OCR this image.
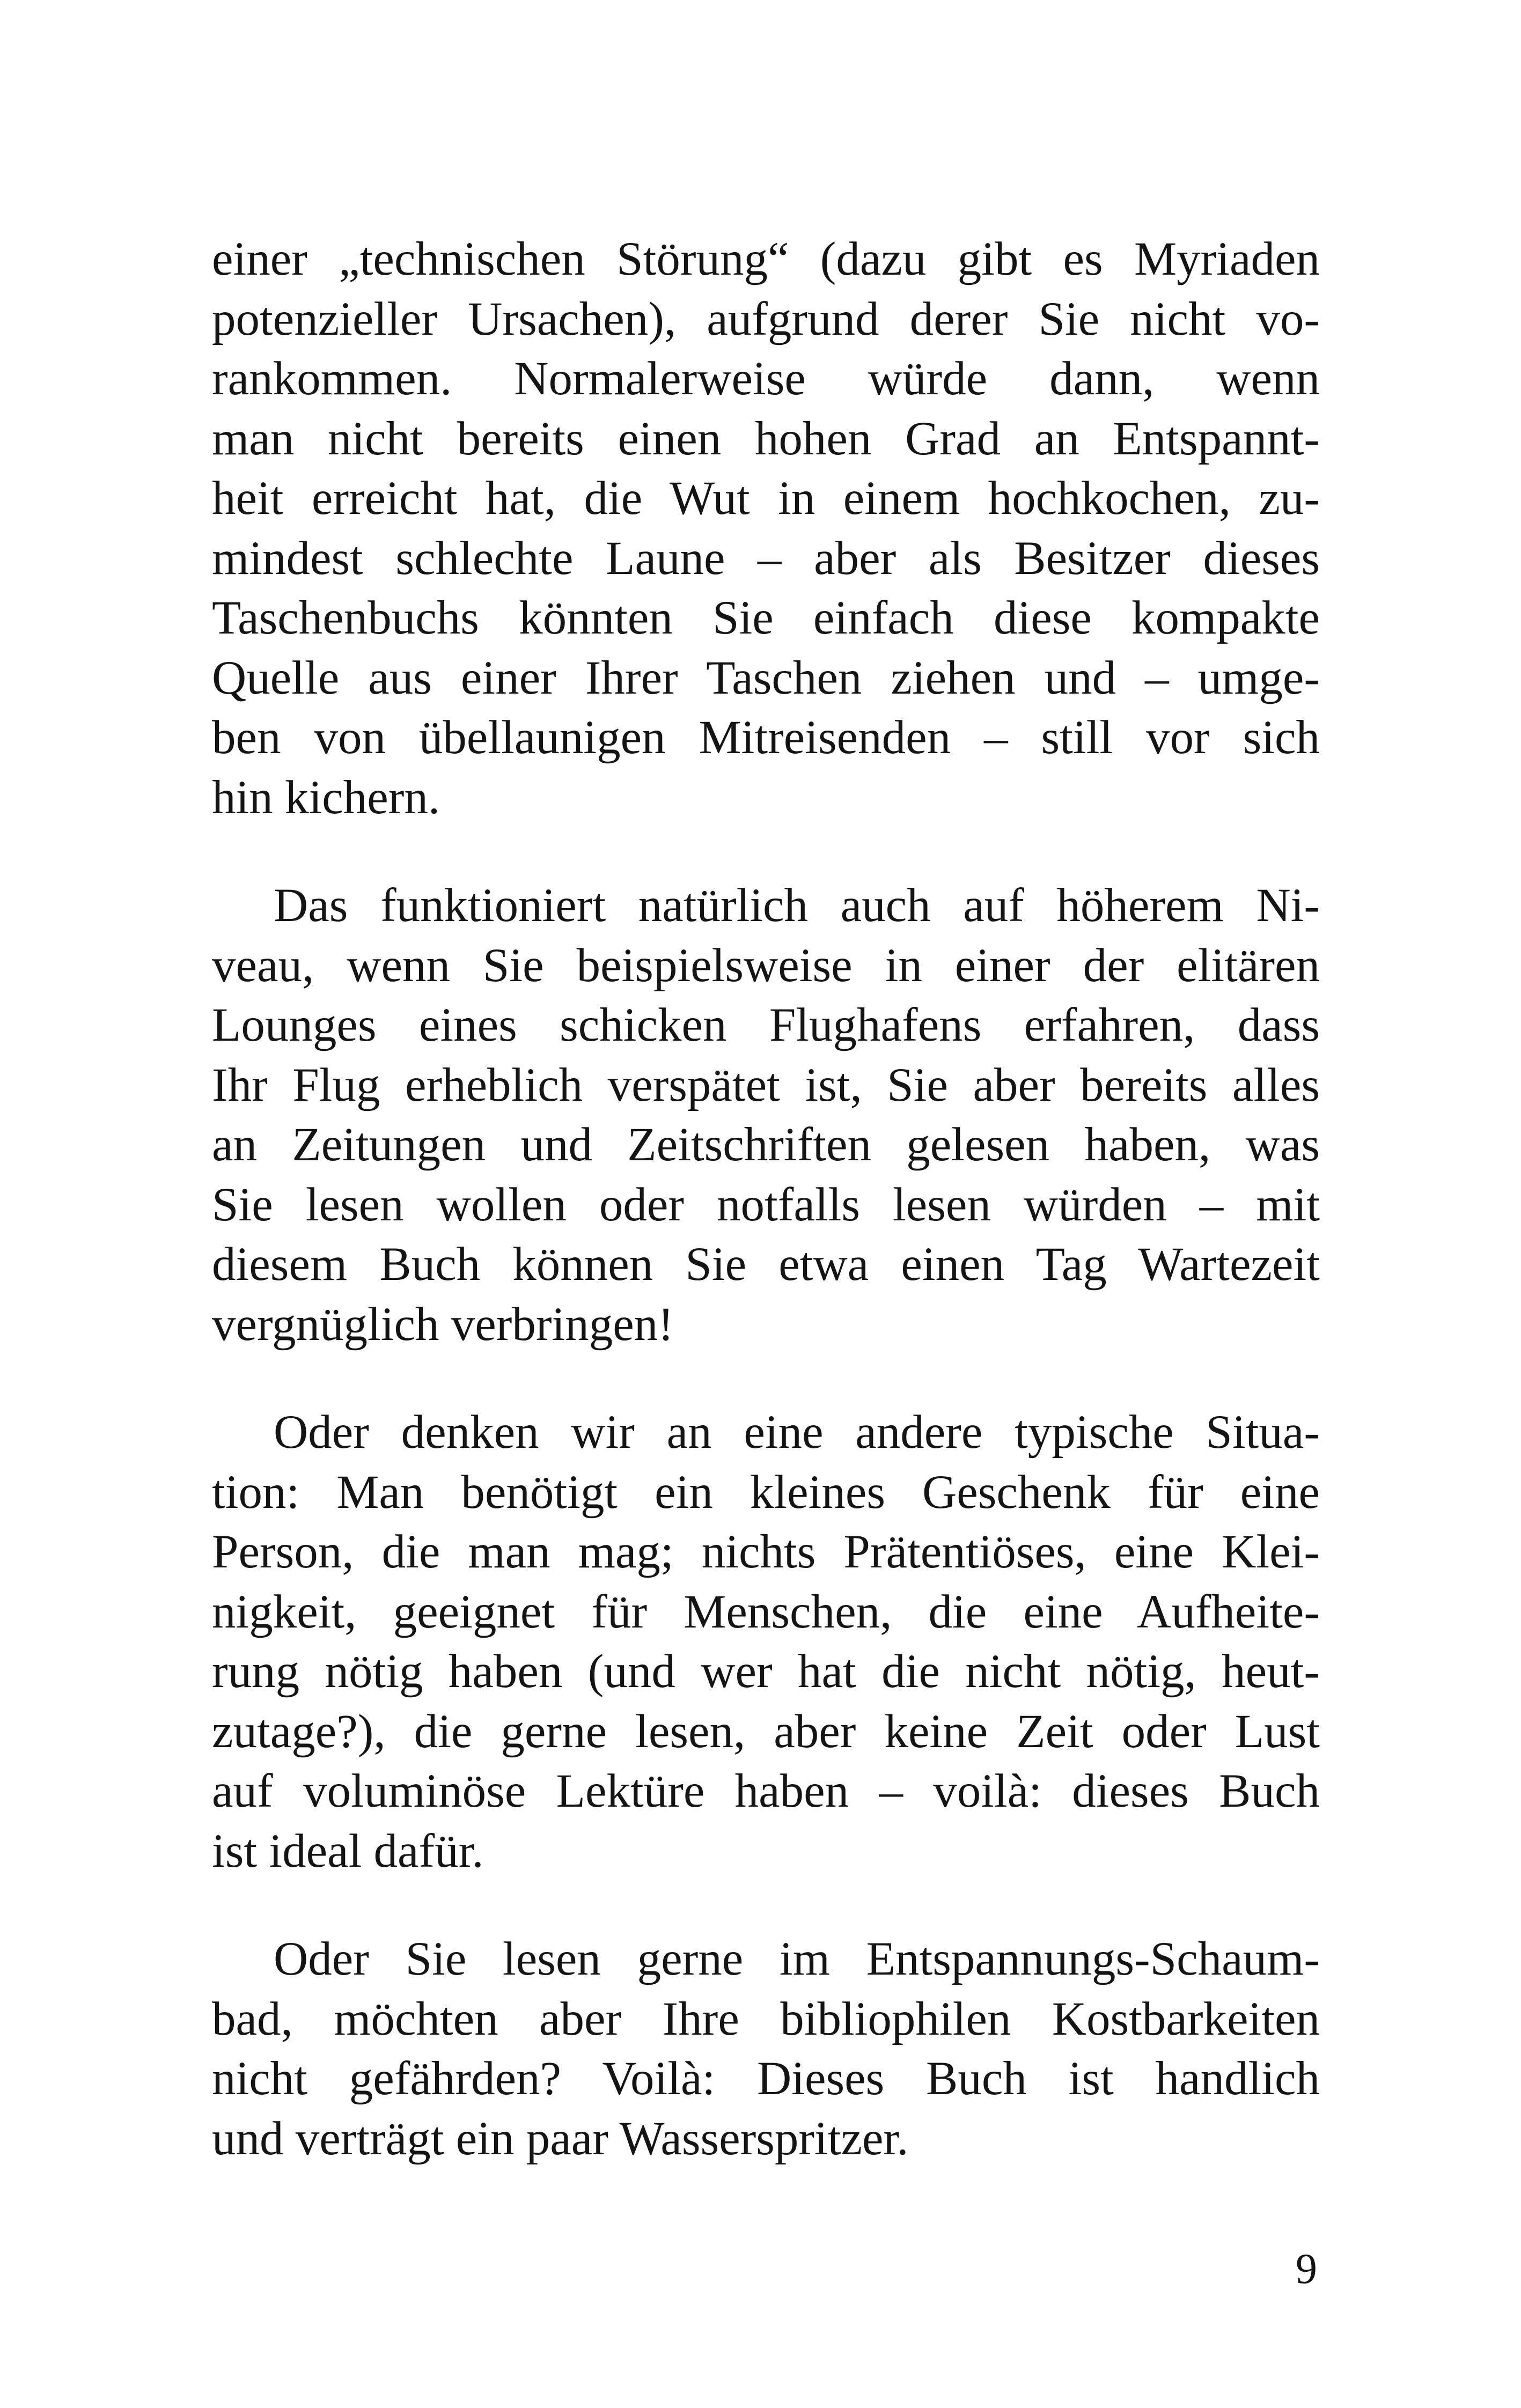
einer „technischen Störung“ (dazu gibt es Myriaden
potenzieller Ursachen), aufgrund derer Sie nicht vo-
rankommen. Normalerweise würde dann, wenn
man nicht bereits einen hohen Grad an Entspannt-
heit erreicht hat, die Wut in einem hochkochen, zu-
mindest schlechte Laune – aber als Besitzer dieses
Taschenbuchs könnten Sie einfach diese kompakte
Quelle aus einer Ihrer Taschen ziehen und – umge-
ben von übellaunigen Mitreisenden – still vor sich
hin kichern.
Das funktioniert natürlich auch auf höherem Ni-
veau, wenn Sie beispielsweise in einer der elitären
Lounges eines schicken Flughafens erfahren, dass
Ihr Flug erheblich verspätet ist, Sie aber bereits alles
an Zeitungen und Zeitschriften gelesen haben, was
Sie lesen wollen oder notfalls lesen würden – mit
diesem Buch können Sie etwa einen Tag Wartezeit
vergnüglich verbringen!
Oder denken wir an eine andere typische Situa-
tion: Man benötigt ein kleines Geschenk für eine
Person, die man mag; nichts Prätentiöses, eine Klei-
nigkeit, geeignet für Menschen, die eine Aufheite-
rung nötig haben (und wer hat die nicht nötig, heut-
zutage?), die gerne lesen, aber keine Zeit oder Lust
auf voluminöse Lektüre haben – voilà: dieses Buch
ist ideal dafür.
Oder Sie lesen gerne im Entspannungs-Schaum-
bad, möchten aber Ihre bibliophilen Kostbarkeiten
nicht gefährden? Voilà: Dieses Buch ist handlich
und verträgt ein paar Wasserspritzer.
9
